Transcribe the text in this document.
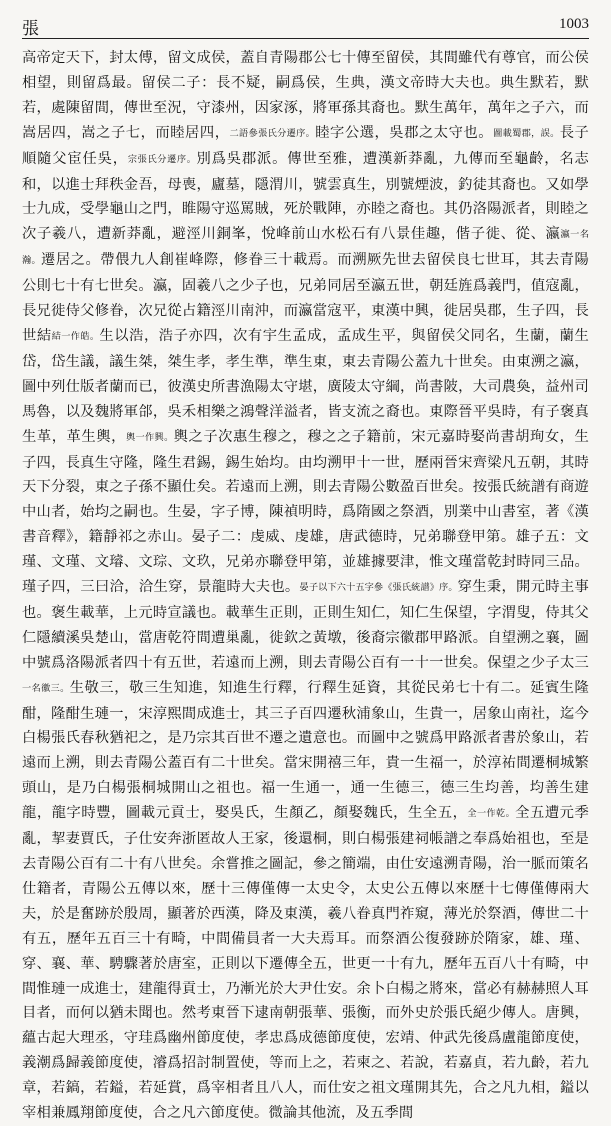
張	1003

高帝定天下，封太傅，留文成侯，蓋自青陽郡公七十傳至留侯，其間雖代有尊官，而公侯相望，則留爲最。留侯二子：長不疑，嗣爲侯，生典，漢文帝時大夫也。典生默若，默若，處陳留間，傳世至況，守漆州，因家涿，將軍孫其裔也。默生萬年，萬年之子六，而嵩居四，嵩之子七，而睦居四，二語參張氏分遷序。睦字公選，吳郡之太守也。圖載蜀郡，誤。長子順隨父宦任吳，宗張氏分遷序。別爲吳郡派。傳世至雅，遭漢新莽亂，九傳而至龜齡，名志和，以進士拜秩金吾，母喪，廬墓，隱渭川，號雲真生，別號煙波，釣徒其裔也。又如學士九成，受學龜山之門，睢陽守巡罵賊，死於戰陣，亦睦之裔也。其仍洛陽派者，則睦之次子羲八，遭新莽亂，避涇川銅峯，悅峰前山水松石有八景佳趣，偕子徙、從、瀛瀛一名瀚。遷居之。帶偎九人創崔峰際，修眷三十載焉。而溯厥先世去留侯良七世耳，其去青陽公則七十有七世矣。瀛，固羲八之少子也，兄弟同居至瀛五世，朝廷旌爲義門，值寇亂，長兄徙侍父修眷，次兄從占籍涇川南沖，而瀛當寇平，東漢中興，徙居吳郡，生子四，長世結結一作皓。生以浩，浩子亦四，次有宇生孟成，孟成生平，與留侯父同名，生蘭，蘭生岱，岱生議，議生桀，桀生孝，孝生準，準生東，東去青陽公蓋九十世矣。由東溯之瀛，圖中列仕版者蘭而已，彼漢史所書漁陽太守堪，廣陵太守綱，尚書陂，大司農奐，益州司馬魯，以及魏將軍郃，吳禾相樂之鴻聲洋溢者，皆支流之裔也。東際晉平吳時，有子褒真生革，革生輿，輿一作興。輿之子次惠生穆之，穆之之子籍前，宋元嘉時娶尚書胡珣女，生子四，長真生守隆，隆生君錫，錫生始均。由均溯甲十一世，歷兩晉宋齊梁凡五朝，其時天下分裂，東之子孫不顯仕矣。若遠而上溯，則去青陽公數盈百世矣。按張氏統譜有商遊中山者，始均之嗣也。生晏，字子博，陳禎明時，爲隋國之祭酒，別業中山書室，著《漢書音釋》，籍靜祁之赤山。晏子二：虔威、虔雄，唐武德時，兄弟聯登甲第。雄子五：文瑾、文瑾、文璿、文琮、文玖，兄弟亦聯登甲第，並雄據要津，惟文瑾當乾封時同三品。瑾子四，三曰洽，洽生穿，景龍時大夫也。晏子以下六十五字參《張氏統譜》序。穿生秉，開元時主事也。褒生載華，上元時宣議也。載華生正則，正則生知仁，知仁生保望，字渭叟，侍其父仁隱續溪吳楚山，當唐乾符間遭巢亂，徙欽之黃墩，後裔宗徽郡甲路派。自望溯之襄，圖中號爲洛陽派者四十有五世，若遠而上溯，則去青陽公百有一十一世矣。保望之少子太三一名徽三。生敬三，敬三生知進，知進生行釋，行釋生延資，其從民弟七十有二。延賓生隆酣，隆酣生璉一，宋淳熙間成進士，其三子百四遷秋浦象山，生貴一，居象山南社，迄今白楊張氏春秋猶祀之，是乃宗其百世不遷之遺意也。而圖中之號爲甲路派者書於象山，若遠而上溯，則去青陽公蓋百有二十世矣。當宋開禧三年，貴一生福一，於淳祐間遷桐城繁頭山，是乃白楊張桐城開山之祖也。福一生通一，通一生德三，德三生均善，均善生建龍，龍字時豐，圖載元貢士，娶吳氏，生顏乙，顏娶魏氏，生全五，全一作乾。全五遭元季亂，挈妻賈氏，子仕安奔浙匿故人王家，後還桐，則白楊張建祠帳譜之奉爲始祖也，至是去青陽公百有二十有八世矣。余嘗推之圖記，參之簡端，由仕安遠溯青陽，治一脈而策名仕籍者，青陽公五傳以來，歷十三傳僅傳一太史令，太史公五傳以來歷十七傳僅傳兩大夫，於是奮跡於殷周，顯著於西漢，降及東漢，羲八眷真門祚窺，薄光於祭酒，傳世二十有五，歷年五百三十有畸，中間備員者一大夫焉耳。而祭酒公復發跡於隋家，雄、瑾、穿、襄、華、騁驟著於唐室，正則以下遷傳全五，世更一十有九，歷年五百八十有畸，中間惟璉一成進士，建龍得貢士，乃漸光於大尹仕安。余卜白楊之將來，當必有赫赫照人耳目者，而何以猶未聞也。然考東晉下逮南朝張華、張衡，而外史於張氏絕少傳人。唐興，蘊古起大理丞，守珪爲幽州節度使，孝忠爲成德節度使，宏靖、仲武先後爲盧龍節度使，義潮爲歸義節度使，濬爲招討制置使，等而上之，若柬之、若說，若嘉貞，若九齡，若九章，若鎬，若鎰，若延賞，爲宰相者且八人，而仕安之祖文瑾開其先，合之凡九相，鎰以宰相兼鳳翔節度使，合之凡六節度使。微論其他流，及五季間
